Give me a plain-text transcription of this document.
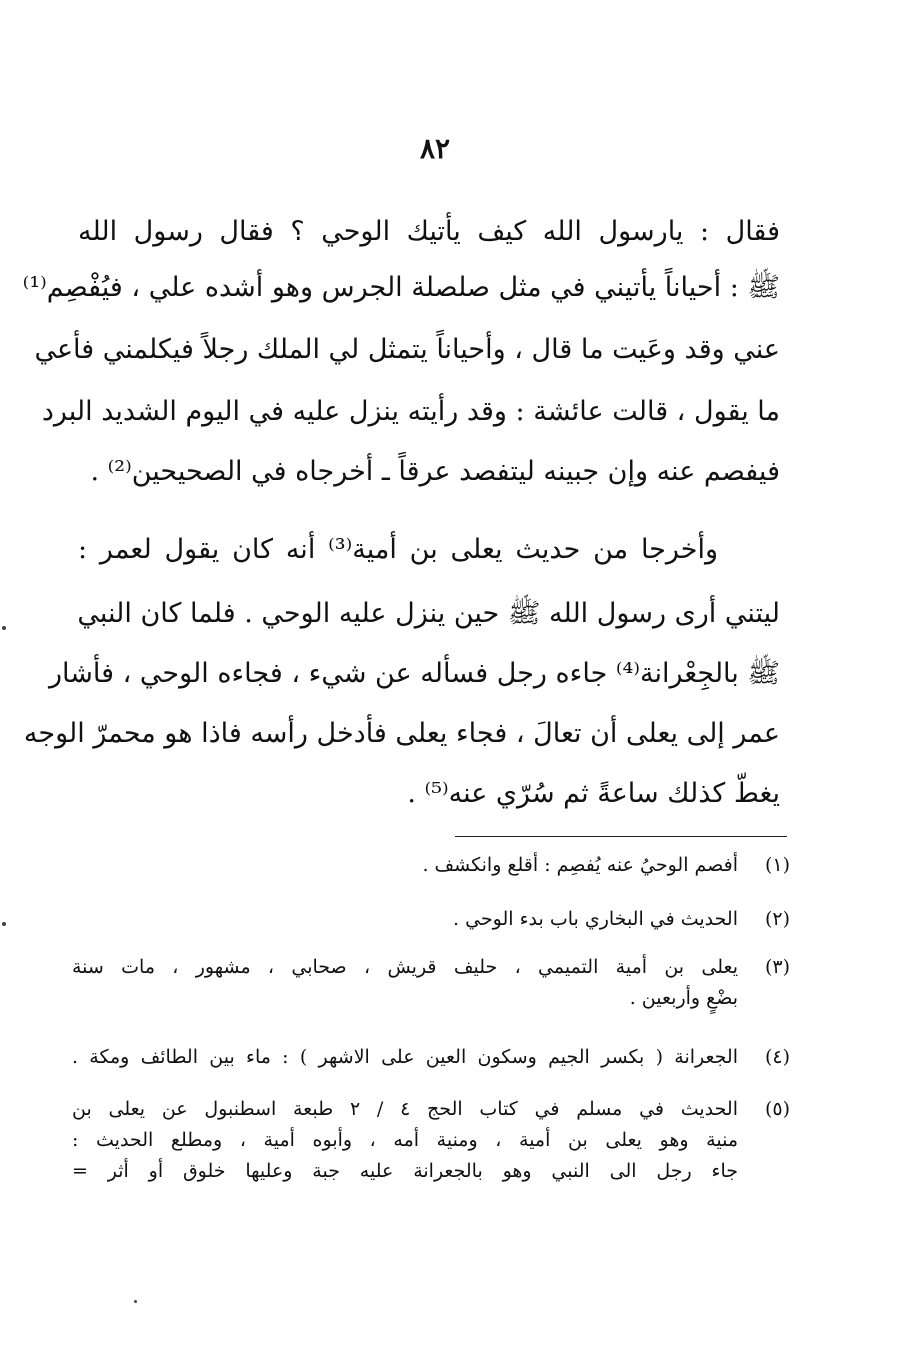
٨٢
فقال : يارسول الله كيف يأتيك الوحي ؟ فقال رسول الله
ﷺ : أحياناً يأتيني في مثل صلصلة الجرس وهو أشده علي ، فيُفْصِم⁽¹⁾
عني وقد وعَيت ما قال ، وأحياناً يتمثل لي الملك رجلاً فيكلمني فأعي
ما يقول ، قالت عائشة : وقد رأيته ينزل عليه في اليوم الشديد البرد
فيفصم عنه وإن جبينه ليتفصد عرقاً ـ أخرجاه في الصحيحين⁽²⁾ .
وأخرجا من حديث يعلى بن أمية⁽³⁾ أنه كان يقول لعمر :
ليتني أرى رسول الله ﷺ حين ينزل عليه الوحي . فلما كان النبي
ﷺ بالجِعْرانة⁽⁴⁾ جاءه رجل فسأله عن شيء ، فجاءه الوحي ، فأشار
عمر إلى يعلى أن تعالَ ، فجاء يعلى فأدخل رأسه فاذا هو محمرّ الوجه
يغطّ كذلك ساعةً ثم سُرّي عنه⁽⁵⁾ .
(١)
أفصم الوحيُ عنه يُفصِم : أقلع وانكشف .
(٢)
الحديث في البخاري باب بدء الوحي .
(٣)
يعلى بن أمية التميمي ، حليف قريش ، صحابي ، مشهور ، مات سنة
بضْعٍ وأربعين .
(٤)
الجعرانة ( بكسر الجيم وسكون العين على الاشهر ) : ماء بين الطائف ومكة .
(٥)
الحديث في مسلم في كتاب الحج ٤ / ٢ طبعة اسطنبول عن يعلى بن
منية وهو يعلى بن أمية ، ومنية أمه ، وأبوه أمية ، ومطلع الحديث :
جاء رجل الى النبي وهو بالجعرانة عليه جبة وعليها خلوق أو أثر =
